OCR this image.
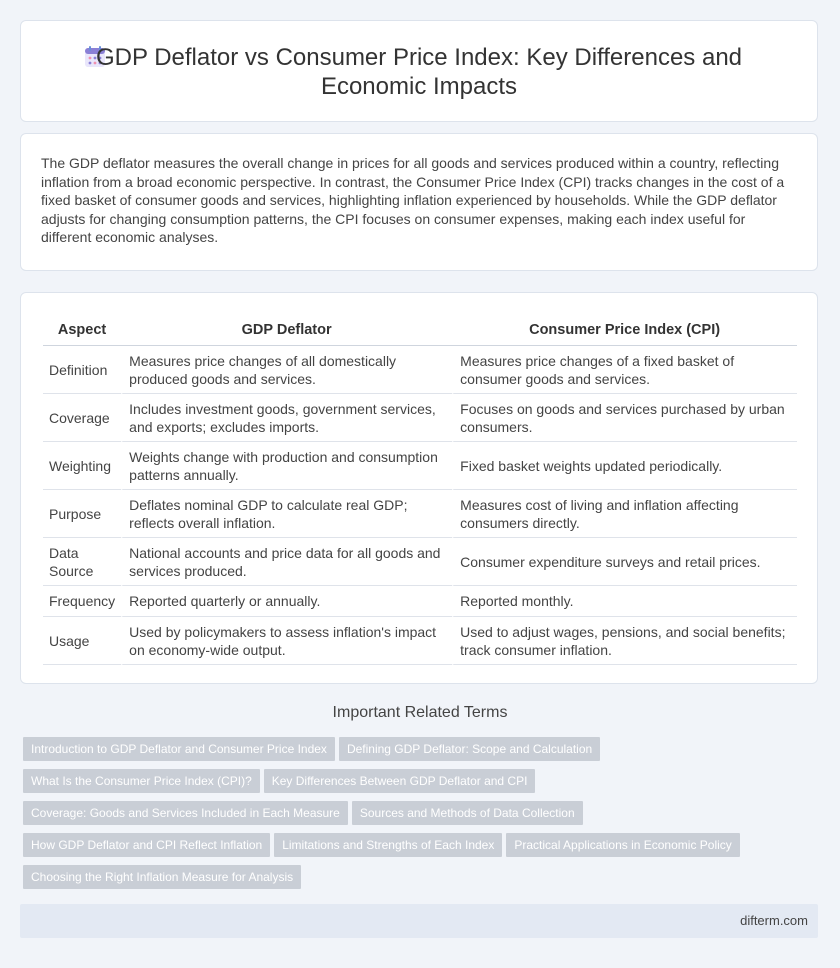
GDP Deflator vs Consumer Price Index: Key Differences and Economic Impacts

The GDP deflator measures the overall change in prices for all goods and services produced within a country, reflecting inflation from a broad economic perspective. In contrast, the Consumer Price Index (CPI) tracks changes in the cost of a fixed basket of consumer goods and services, highlighting inflation experienced by households. While the GDP deflator adjusts for changing consumption patterns, the CPI focuses on consumer expenses, making each index useful for different economic analyses.

Aspect	GDP Deflator	Consumer Price Index (CPI)
Definition	Measures price changes of all domestically produced goods and services.	Measures price changes of a fixed basket of consumer goods and services.
Coverage	Includes investment goods, government services, and exports; excludes imports.	Focuses on goods and services purchased by urban consumers.
Weighting	Weights change with production and consumption patterns annually.	Fixed basket weights updated periodically.
Purpose	Deflates nominal GDP to calculate real GDP; reflects overall inflation.	Measures cost of living and inflation affecting consumers directly.
Data Source	National accounts and price data for all goods and services produced.	Consumer expenditure surveys and retail prices.
Frequency	Reported quarterly or annually.	Reported monthly.
Usage	Used by policymakers to assess inflation's impact on economy-wide output.	Used to adjust wages, pensions, and social benefits; track consumer inflation.
Important Related Terms
Introduction to GDP Deflator and Consumer Price Index Defining GDP Deflator: Scope and Calculation
What Is the Consumer Price Index (CPI)? Key Differences Between GDP Deflator and CPI
Coverage: Goods and Services Included in Each Measure Sources and Methods of Data Collection
How GDP Deflator and CPI Reflect Inflation Limitations and Strengths of Each Index Practical Applications in Economic Policy
Choosing the Right Inflation Measure for Analysis
difterm.com
